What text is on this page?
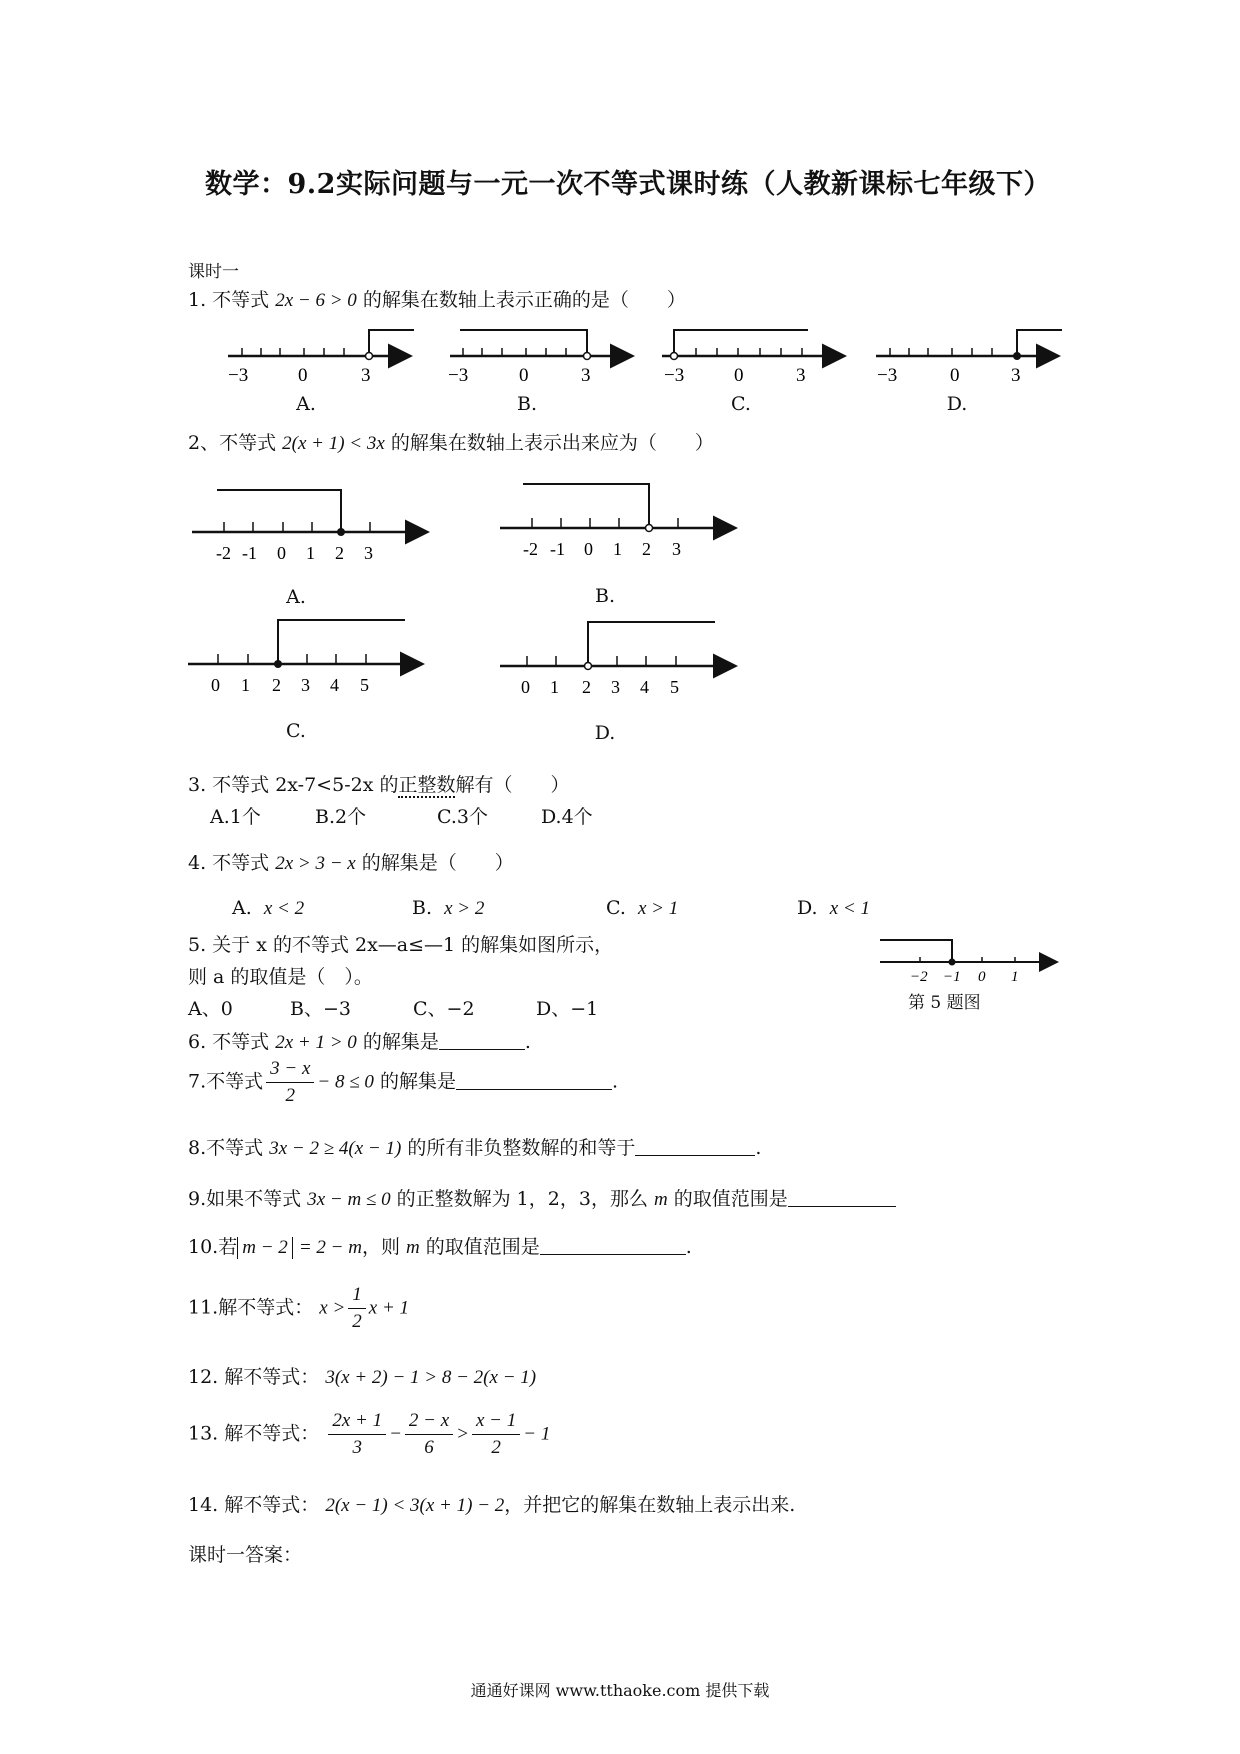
数学：9.2实际问题与一元一次不等式课时练（人教新课标七年级下）
课时一
1. 不等式 2x − 6 > 0 的解集在数轴上表示正确的是（　　）
−3	0	3	−3	0	3	−3	0	3	−3	0	3
A.	B.	C.	D.
2、不等式 2(x + 1) < 3x 的解集在数轴上表示出来应为（　　）
-2 -1 0 1 2 3	-2 -1 0 1 2 3
0 1 2 3 4 5	0 1 2 3 4 5
A.	B.
C.	D.
3. 不等式 2x-7<5-2x 的正整数解有（　　）
A.1个	B.2个	C.3个	D.4个
4. 不等式 2x > 3 − x 的解集是（　　）
A. x < 2	B. x > 2	C. x > 1	D. x < 1
5. 关于 x 的不等式 2x—a≤—1 的解集如图所示，
则 a 的取值是（　）。
A、0	B、−3	C、−2	D、−1
−2 −1 0 1
第 5 题图
6. 不等式 2x + 1 > 0 的解集是	.
7.不等式 $\frac{3 - x}{2} - 8 \le 0$ 的解集是	.
8.不等式 3x − 2 ≥ 4(x − 1) 的所有非负整数解的和等于	.
9.如果不等式 3x − m ≤ 0 的正整数解为 1，2，3，那么 m 的取值范围是
10.若 m − 2 = 2 − m，则 m 的取值范围是	.
11.解不等式： $x > \frac{1}{2}$ x + 1
12. 解不等式： 3(x + 2) − 1 > 8 − 2(x − 1)
13. 解不等式： $\frac{2x + 1}{3} - \frac{2 - x}{6} > \frac{x - 1}{2} - 1$
14. 解不等式： 2(x − 1) < 3(x + 1) − 2，并把它的解集在数轴上表示出来.
课时一答案：
通通好课网 www.tthaoke.com 提供下载
